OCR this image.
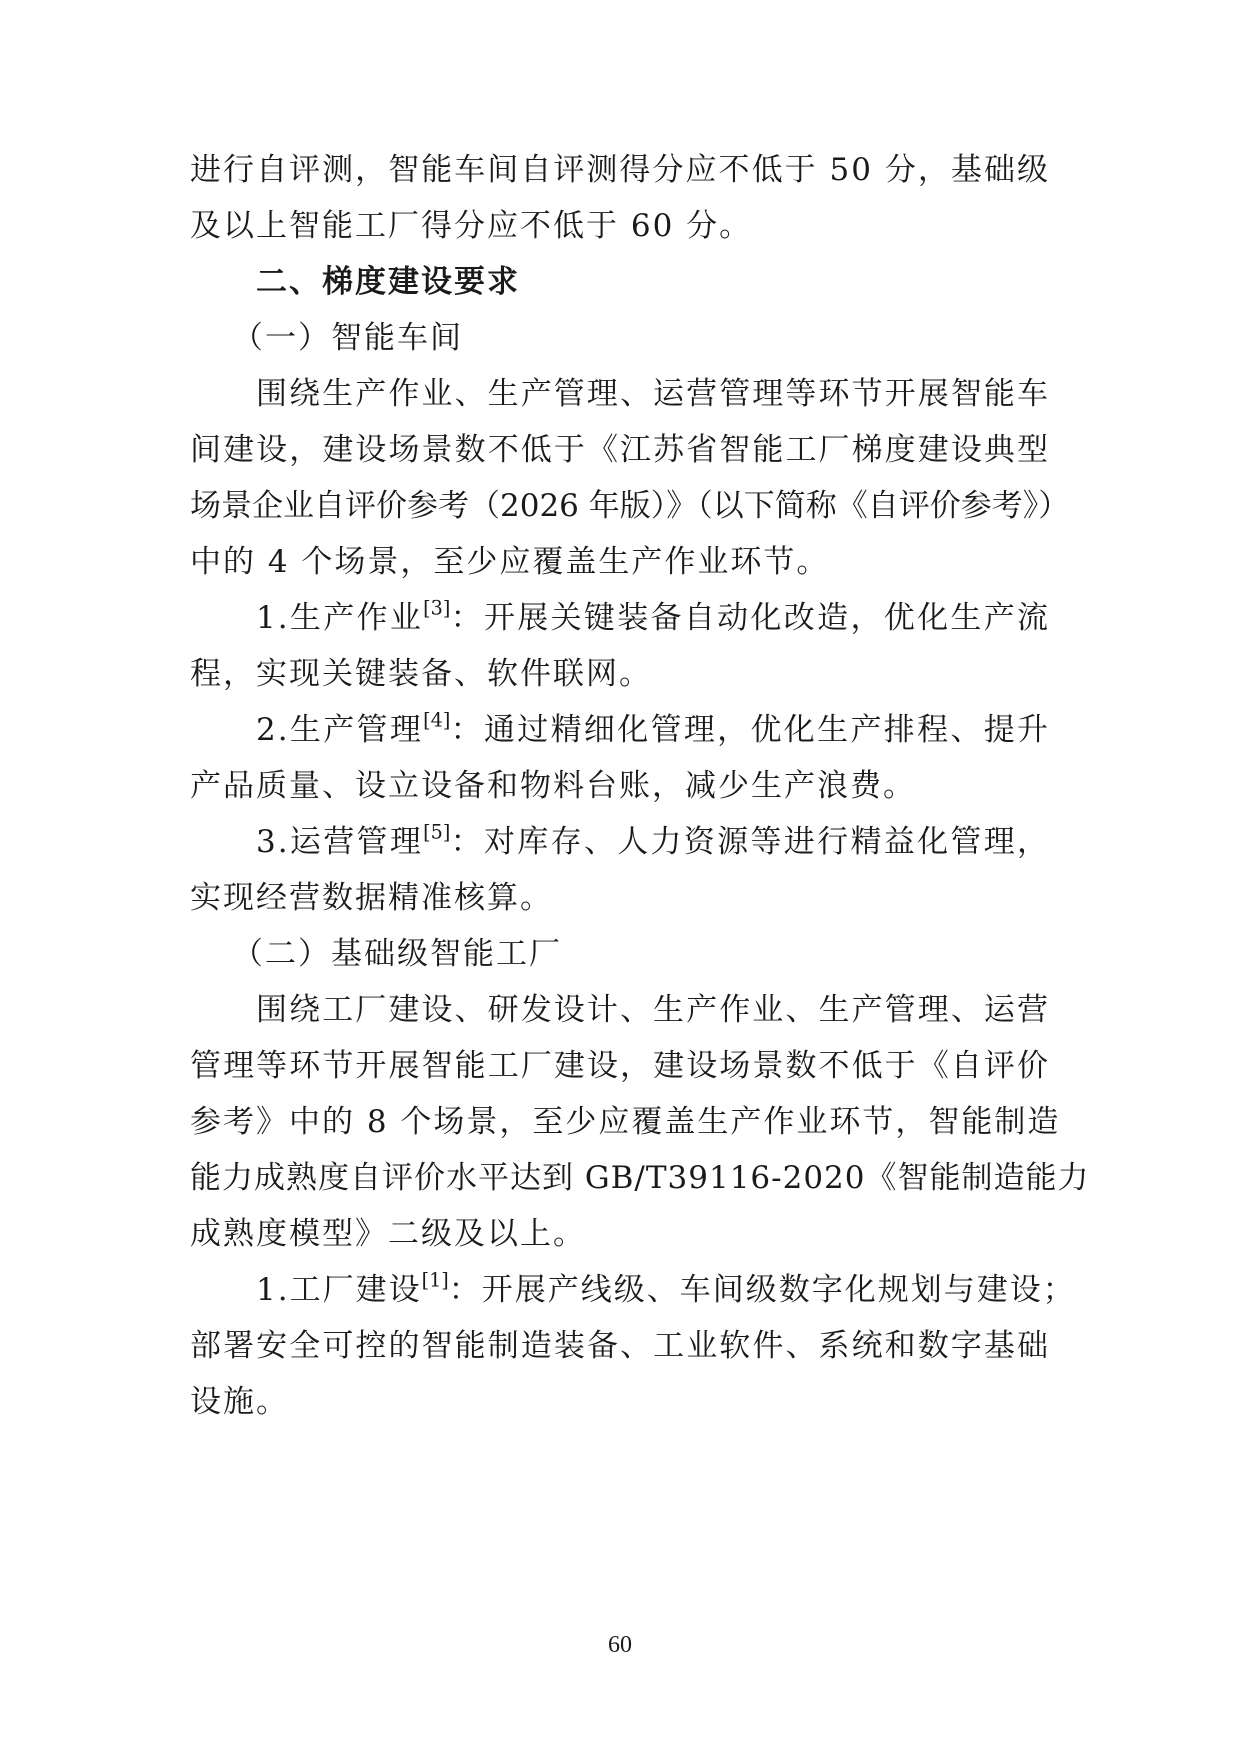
进行自评测，智能车间自评测得分应不低于 50 分，基础级
及以上智能工厂得分应不低于 60 分。
二、梯度建设要求
（一）智能车间
围绕生产作业、生产管理、运营管理等环节开展智能车
间建设，建设场景数不低于《江苏省智能工厂梯度建设典型
场景企业自评价参考（2026 年版）》（以下简称《自评价参考》）
中的 4 个场景，至少应覆盖生产作业环节。
1.生产作业[3]：开展关键装备自动化改造，优化生产流
程，实现关键装备、软件联网。
2.生产管理[4]：通过精细化管理，优化生产排程、提升
产品质量、设立设备和物料台账，减少生产浪费。
3.运营管理[5]：对库存、人力资源等进行精益化管理，
实现经营数据精准核算。
（二）基础级智能工厂
围绕工厂建设、研发设计、生产作业、生产管理、运营
管理等环节开展智能工厂建设，建设场景数不低于《自评价
参考》中的 8 个场景，至少应覆盖生产作业环节，智能制造
能力成熟度自评价水平达到 GB/T39116-2020《智能制造能力
成熟度模型》二级及以上。
1.工厂建设[1]：开展产线级、车间级数字化规划与建设；
部署安全可控的智能制造装备、工业软件、系统和数字基础
设施。
60
